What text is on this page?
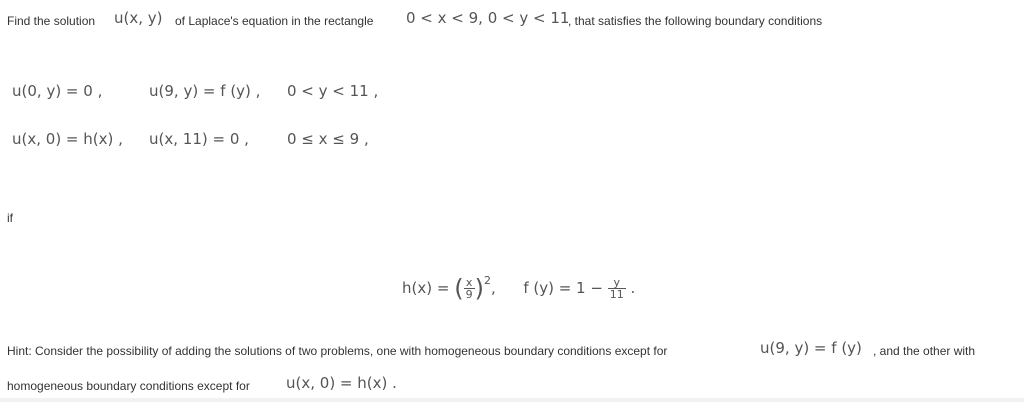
Find the solution u(x, y) of Laplace's equation in the rectangle 0 < x < 9, 0 < y < 11
, that satisfies the following boundary conditions
u(0, y) = 0 ,	u(9, y) = f (y) , 0 < y < 11 ,
u(x, 0) = h(x) , u(x, 11) = 0 ,	0 ≤ x ≤ 9 ,
if
h(x) = ( $\frac{x}{9} )^2$, f $(y) = 1 - \frac{y}{11}$ .
Hint: Consider the possibility of adding the solutions of two problems, one with homogeneous boundary conditions except for	u(9, y) = f (y) , and the other with
homogeneous boundary conditions except for u(x, 0) = h(x) .
